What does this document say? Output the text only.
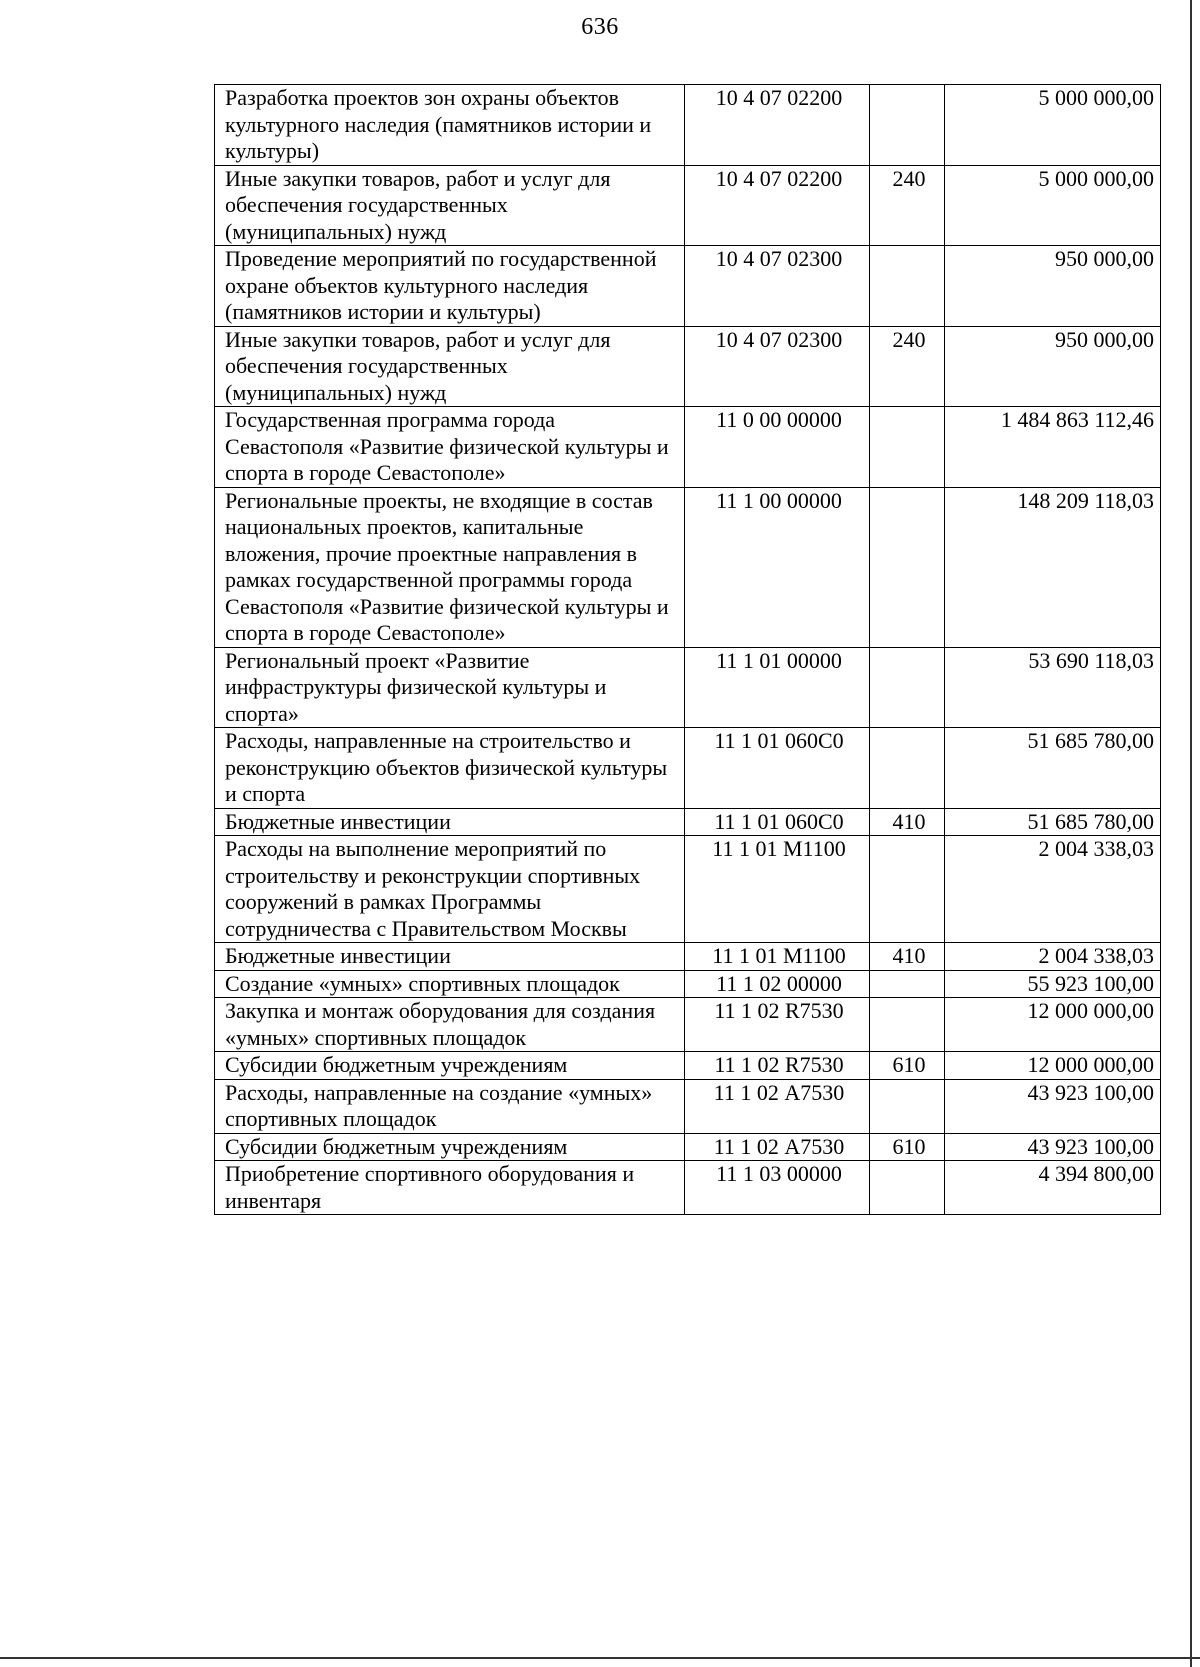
636
Разработка проектов зон охраны объектов культурного наследия (памятников истории и культуры)	10 4 07 02200		5 000 000,00
Иные закупки товаров, работ и услуг для обеспечения государственных (муниципальных) нужд	10 4 07 02200	240	5 000 000,00
Проведение мероприятий по государственной охране объектов культурного наследия (памятников истории и культуры)	10 4 07 02300		950 000,00
Иные закупки товаров, работ и услуг для обеспечения государственных (муниципальных) нужд	10 4 07 02300	240	950 000,00
Государственная программа города Севастополя «Развитие физической культуры и спорта в городе Севастополе»	11 0 00 00000		1 484 863 112,46
Региональные проекты, не входящие в состав национальных проектов, капитальные вложения, прочие проектные направления в рамках государственной программы города Севастополя «Развитие физической культуры и спорта в городе Севастополе»	11 1 00 00000		148 209 118,03
Региональный проект «Развитие инфраструктуры физической культуры и спорта»	11 1 01 00000		53 690 118,03
Расходы, направленные на строительство и реконструкцию объектов физической культуры и спорта	11 1 01 060С0		51 685 780,00
Бюджетные инвестиции	11 1 01 060С0	410	51 685 780,00
Расходы на выполнение мероприятий по строительству и реконструкции спортивных сооружений в рамках Программы сотрудничества с Правительством Москвы	11 1 01 М1100		2 004 338,03
Бюджетные инвестиции	11 1 01 М1100	410	2 004 338,03
Создание «умных» спортивных площадок	11 1 02 00000		55 923 100,00
Закупка и монтаж оборудования для создания «умных» спортивных площадок	11 1 02 R7530		12 000 000,00
Субсидии бюджетным учреждениям	11 1 02 R7530	610	12 000 000,00
Расходы, направленные на создание «умных» спортивных площадок	11 1 02 А7530		43 923 100,00
Субсидии бюджетным учреждениям	11 1 02 А7530	610	43 923 100,00
Приобретение спортивного оборудования и инвентаря	11 1 03 00000		4 394 800,00
